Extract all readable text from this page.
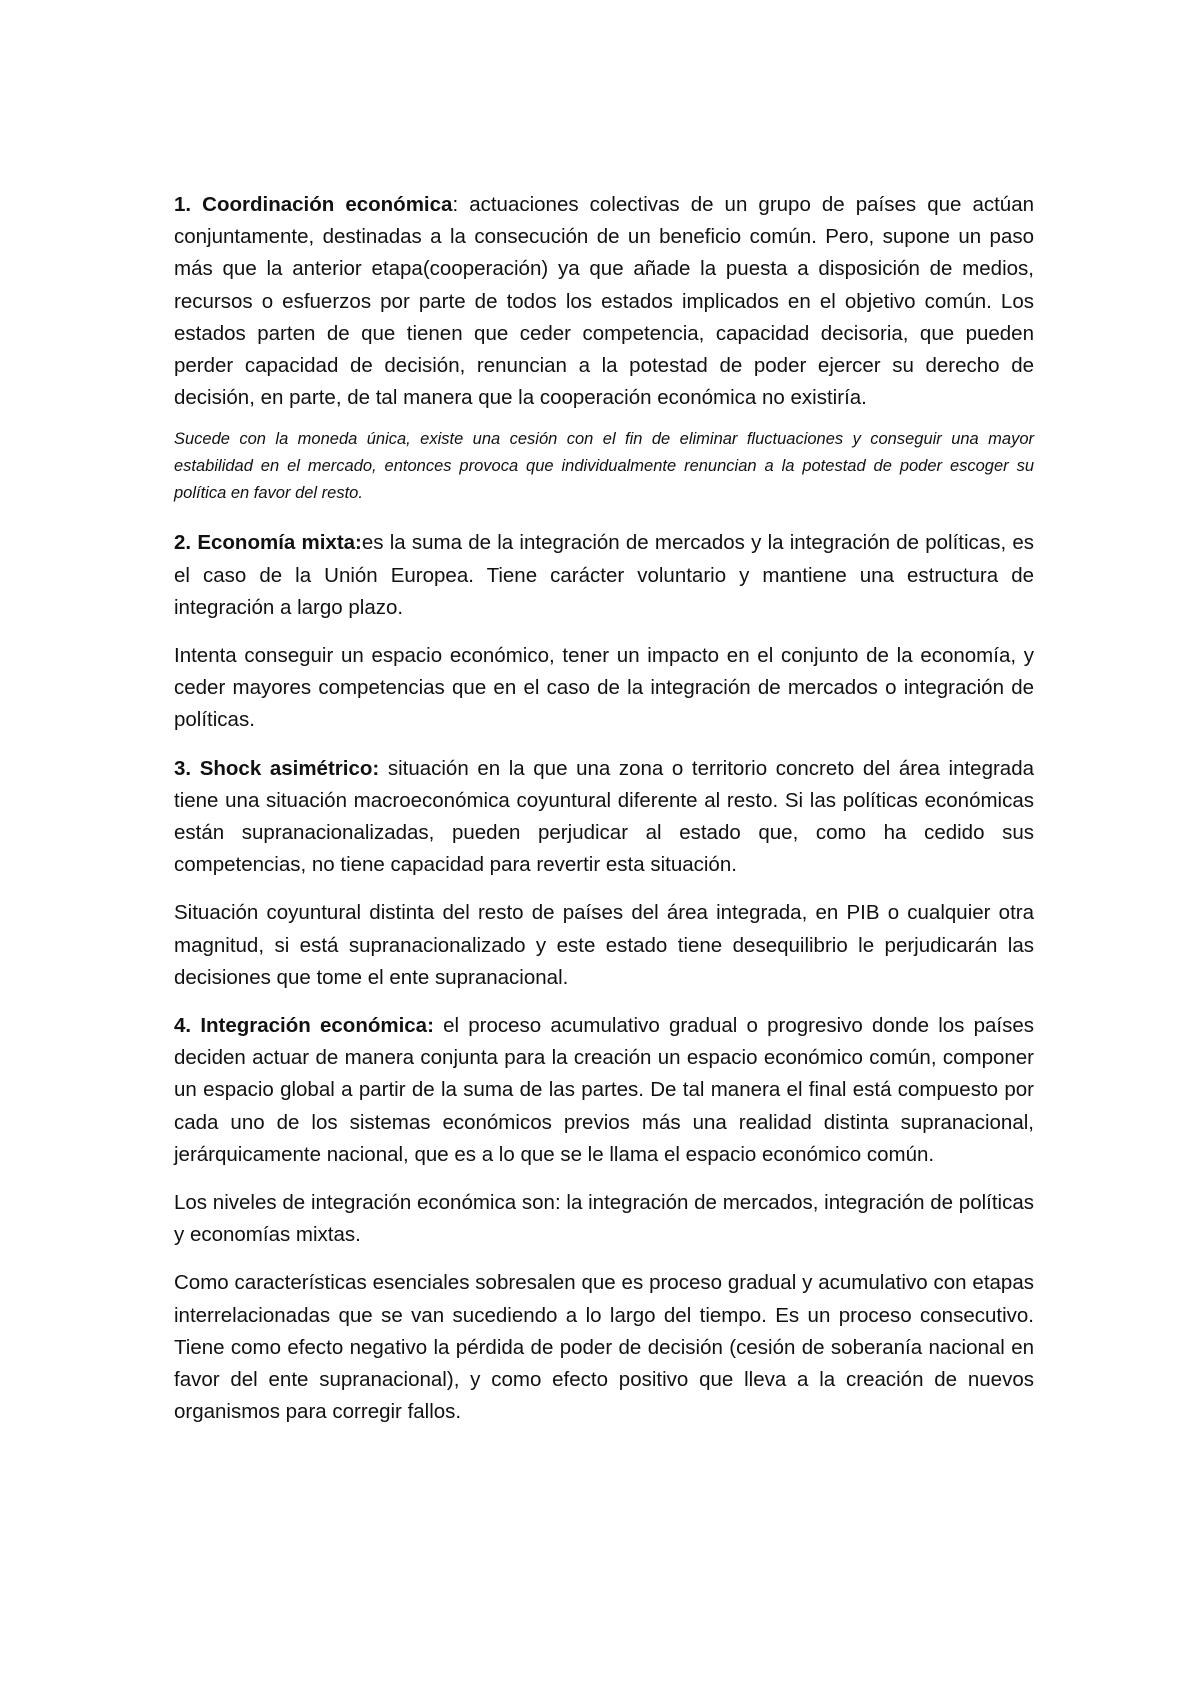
1. Coordinación económica: actuaciones colectivas de un grupo de países que actúan conjuntamente, destinadas a la consecución de un beneficio común. Pero, supone un paso más que la anterior etapa(cooperación) ya que añade la puesta a disposición de medios, recursos o esfuerzos por parte de todos los estados implicados en el objetivo común. Los estados parten de que tienen que ceder competencia, capacidad decisoria, que pueden perder capacidad de decisión, renuncian a la potestad de poder ejercer su derecho de decisión, en parte, de tal manera que la cooperación económica no existiría.

Sucede con la moneda única, existe una cesión con el fin de eliminar fluctuaciones y conseguir una mayor estabilidad en el mercado, entonces provoca que individualmente renuncian a la potestad de poder escoger su política en favor del resto.

2. Economía mixta:es la suma de la integración de mercados y la integración de políticas, es el caso de la Unión Europea. Tiene carácter voluntario y mantiene una estructura de integración a largo plazo.

Intenta conseguir un espacio económico, tener un impacto en el conjunto de la economía, y ceder mayores competencias que en el caso de la integración de mercados o integración de políticas.

3. Shock asimétrico: situación en la que una zona o territorio concreto del área integrada tiene una situación macroeconómica coyuntural diferente al resto. Si las políticas económicas están supranacionalizadas, pueden perjudicar al estado que, como ha cedido sus competencias, no tiene capacidad para revertir esta situación.

Situación coyuntural distinta del resto de países del área integrada, en PIB o cualquier otra magnitud, si está supranacionalizado y este estado tiene desequilibrio le perjudicarán las decisiones que tome el ente supranacional.

4. Integración económica: el proceso acumulativo gradual o progresivo donde los países deciden actuar de manera conjunta para la creación un espacio económico común, componer un espacio global a partir de la suma de las partes. De tal manera el final está compuesto por cada uno de los sistemas económicos previos más una realidad distinta supranacional, jerárquicamente nacional, que es a lo que se le llama el espacio económico común.

Los niveles de integración económica son: la integración de mercados, integración de políticas y economías mixtas.

Como características esenciales sobresalen que es proceso gradual y acumulativo con etapas interrelacionadas que se van sucediendo a lo largo del tiempo. Es un proceso consecutivo. Tiene como efecto negativo la pérdida de poder de decisión (cesión de soberanía nacional en favor del ente supranacional), y como efecto positivo que lleva a la creación de nuevos organismos para corregir fallos.
